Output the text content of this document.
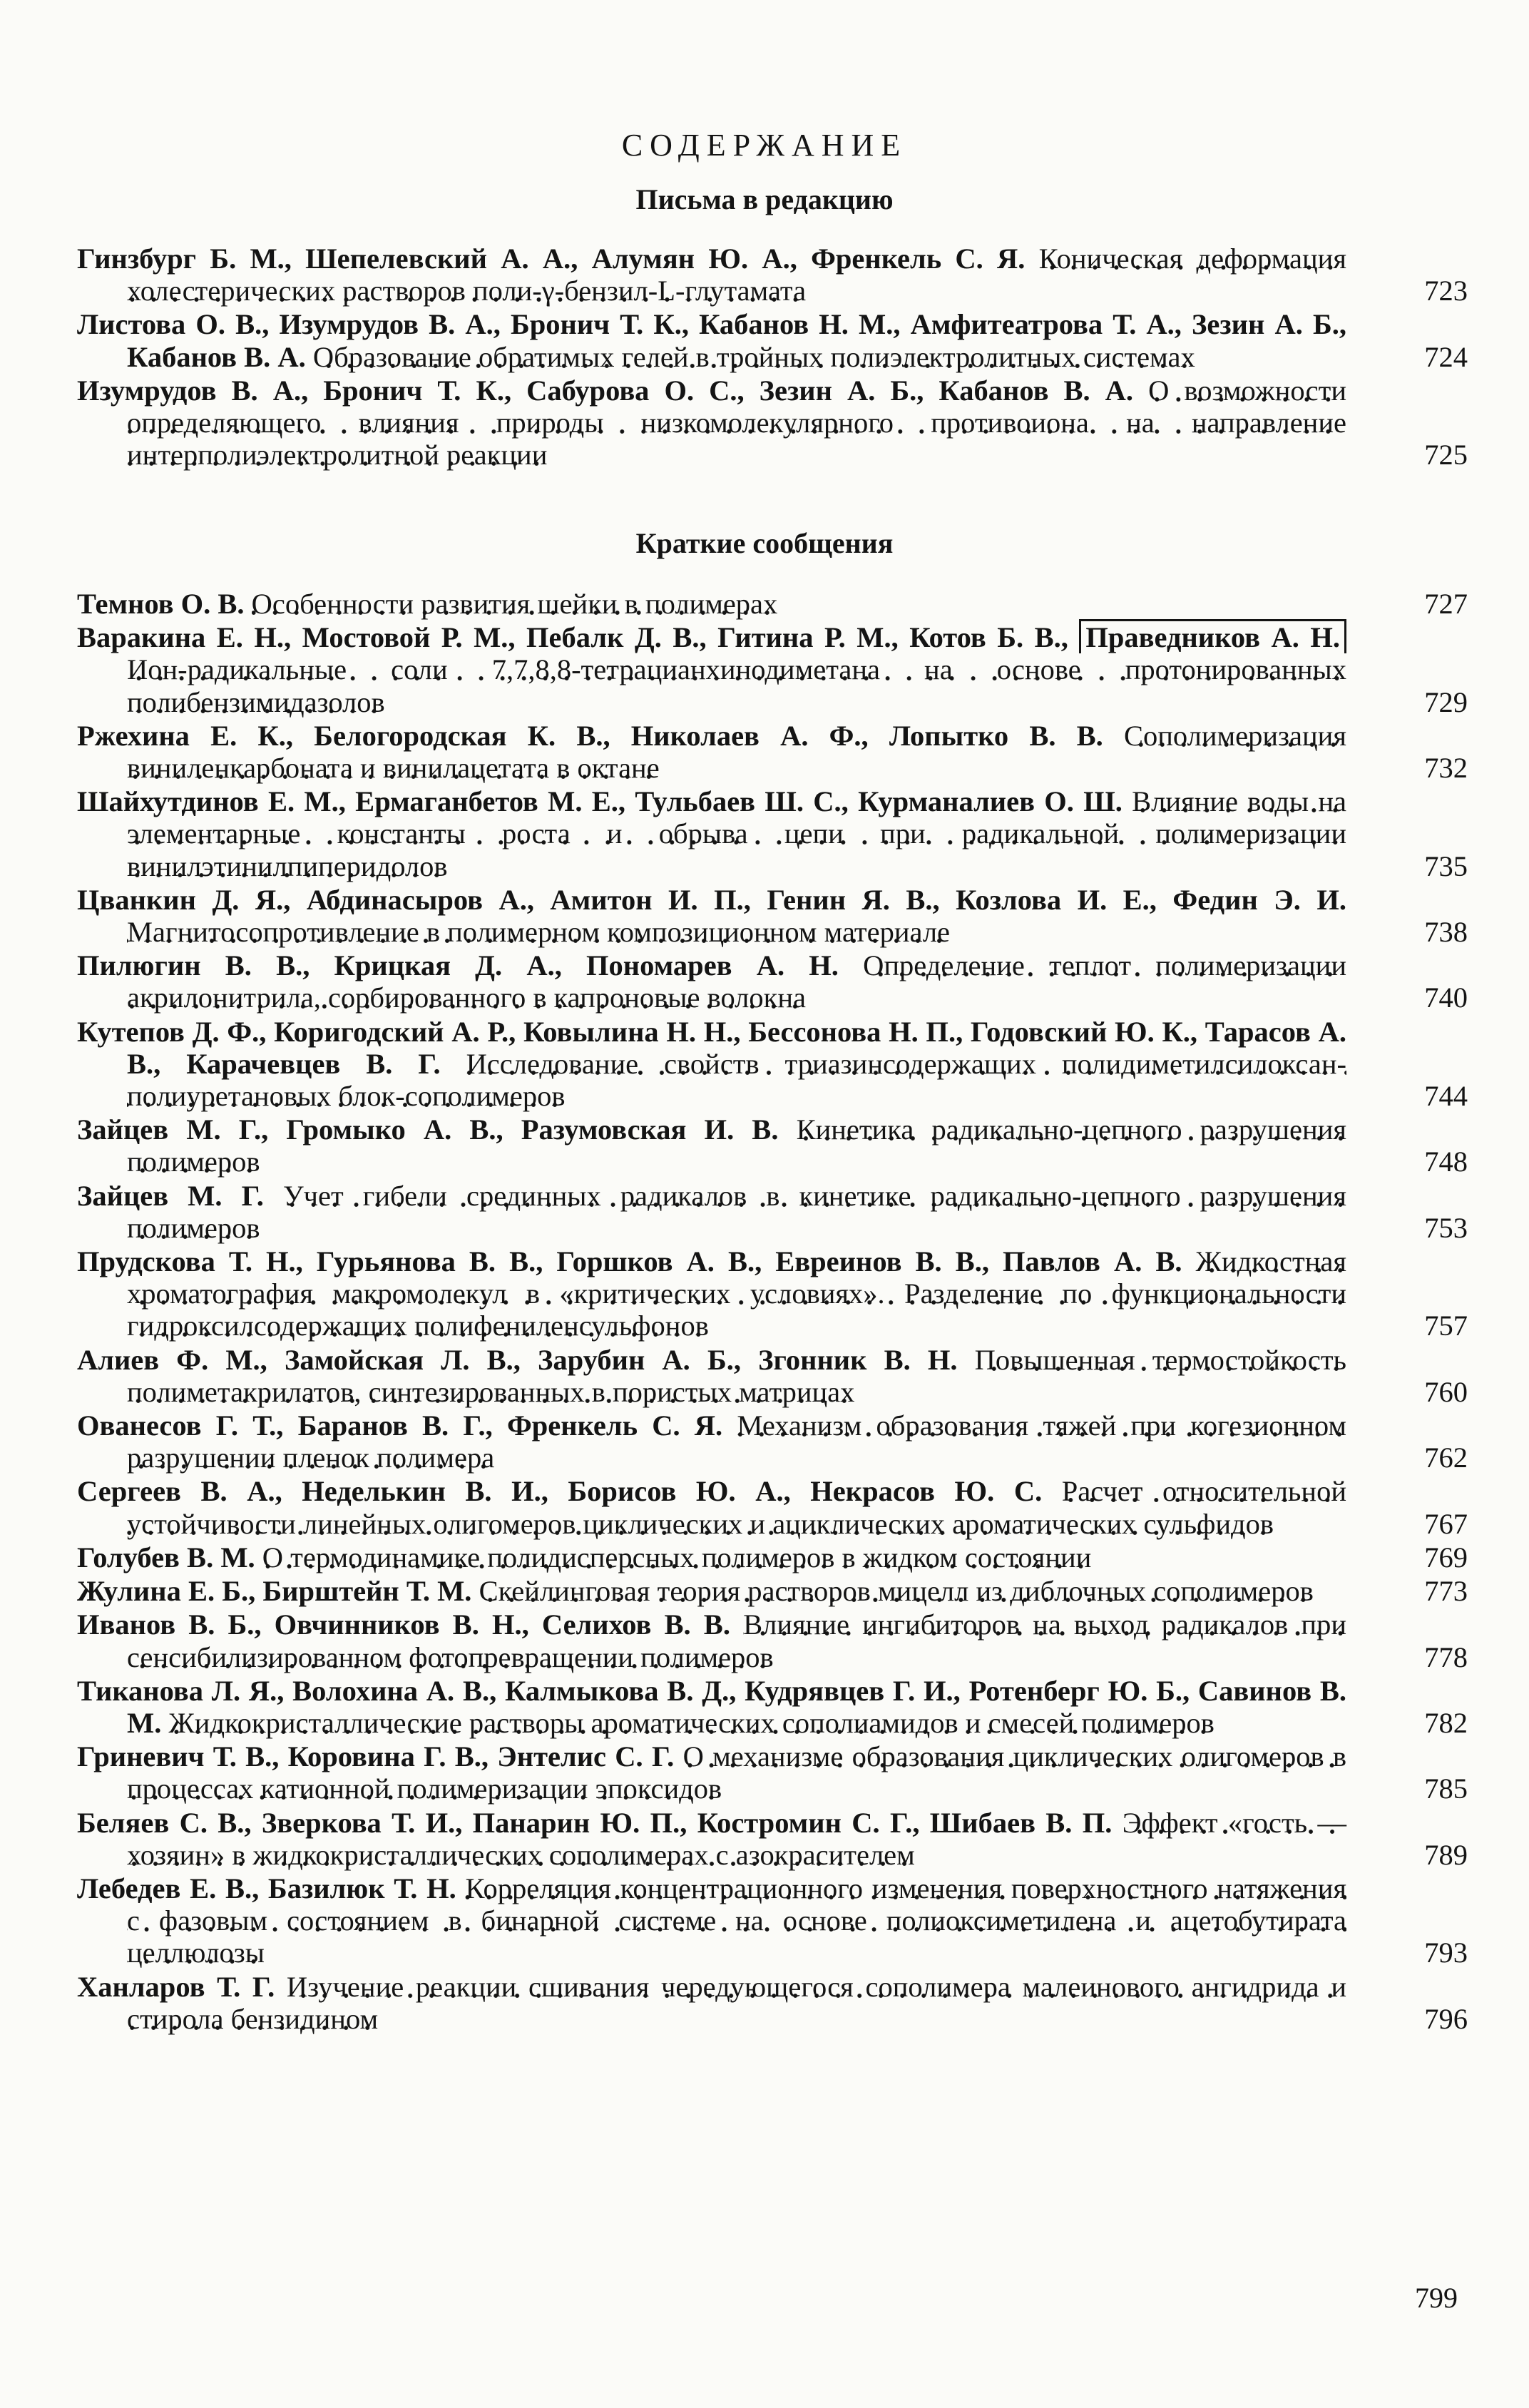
СОДЕРЖАНИЕ
Письма в редакцию
Гинзбург Б. М., Шепелевский А. А., Алумян Ю. А., Френкель С. Я. Коническая деформация холестерических растворов поли-γ-бензил-L-глутамата	723
Листова О. В., Изумрудов В. А., Бронич Т. К., Кабанов Н. М., Амфитеатрова Т. А., Зезин А. Б., Кабанов В. А. Образование обратимых гелей в тройных полиэлектролитных системах	724
Изумрудов В. А., Бронич Т. К., Сабурова О. С., Зезин А. Б., Кабанов В. А. О возможности определяющего влияния природы низкомолекулярного противоиона на направление интерполиэлектролитной реакции	725
Краткие сообщения
Темнов О. В. Особенности развития шейки в полимерах	727
Варакина Е. Н., Мостовой Р. М., Пебалк Д. В., Гитина Р. М., Котов Б. В., Праведников А. Н. Ион-радикальные соли 7,7,8,8-тетрацианхинодиметана на основе протонированных полибензимидазолов	729
Ржехина Е. К., Белогородская К. В., Николаев А. Ф., Лопытко В. В. Сополимеризация виниленкарбоната и винилацетата в октане	732
Шайхутдинов Е. М., Ермаганбетов М. Е., Тульбаев Ш. С., Курманалиев О. Ш. Влияние воды на элементарные константы роста и обрыва цепи при радикальной полимеризации винилэтинилпиперидолов	735
Цванкин Д. Я., Абдинасыров А., Амитон И. П., Генин Я. В., Козлова И. Е., Федин Э. И. Магнитосопротивление в полимерном композиционном материале	738
Пилюгин В. В., Крицкая Д. А., Пономарев А. Н. Определение теплот полимеризации акрилонитрила, сорбированного в капроновые волокна	740
Кутепов Д. Ф., Коригодский А. Р., Ковылина Н. Н., Бессонова Н. П., Годовский Ю. К., Тарасов А. В., Карачевцев В. Г. Исследование свойств триазинсодержащих полидиметилсилоксан-полиуретановых блок-сополимеров	744
Зайцев М. Г., Громыко А. В., Разумовская И. В. Кинетика радикально-цепного разрушения полимеров	748
Зайцев М. Г. Учет гибели срединных радикалов в кинетике радикально-цепного разрушения полимеров	753
Прудскова Т. Н., Гурьянова В. В., Горшков А. В., Евреинов В. В., Павлов А. В. Жидкостная хроматография макромолекул в «критических условиях». Разделение по функциональности гидроксилсодержащих полифениленсульфонов	757
Алиев Ф. М., Замойская Л. В., Зарубин А. Б., Згонник В. Н. Повышенная термостойкость полиметакрилатов, синтезированных в пористых матрицах	760
Ованесов Г. Т., Баранов В. Г., Френкель С. Я. Механизм образования тяжей при когезионном разрушении пленок полимера	762
Сергеев В. А., Неделькин В. И., Борисов Ю. А., Некрасов Ю. С. Расчет относительной устойчивости линейных олигомеров циклических и ациклических ароматических сульфидов	767
Голубев В. М. О термодинамике полидисперсных полимеров в жидком состоянии	769
Жулина Е. Б., Бирштейн Т. М. Скейлинговая теория растворов мицелл из диблочных сополимеров	773
Иванов В. Б., Овчинников В. Н., Селихов В. В. Влияние ингибиторов на выход радикалов при сенсибилизированном фотопревращении полимеров	778
Тиканова Л. Я., Волохина А. В., Калмыкова В. Д., Кудрявцев Г. И., Ротенберг Ю. Б., Савинов В. М. Жидкокристаллические растворы ароматических сополиамидов и смесей полимеров	782
Гриневич Т. В., Коровина Г. В., Энтелис С. Г. О механизме образования циклических олигомеров в процессах катионной полимеризации эпоксидов	785
Беляев С. В., Зверкова Т. И., Панарин Ю. П., Костромин С. Г., Шибаев В. П. Эффект «гость — хозяин» в жидкокристаллических сополимерах с азокрасителем	789
Лебедев Е. В., Базилюк Т. Н. Корреляция концентрационного изменения поверхностного натяжения с фазовым состоянием в бинарной системе на основе полиоксиметилена и ацетобутирата целлюлозы	793
Ханларов Т. Г. Изучение реакции сшивания чередующегося сополимера малеинового ангидрида и стирола бензидином	796
799
